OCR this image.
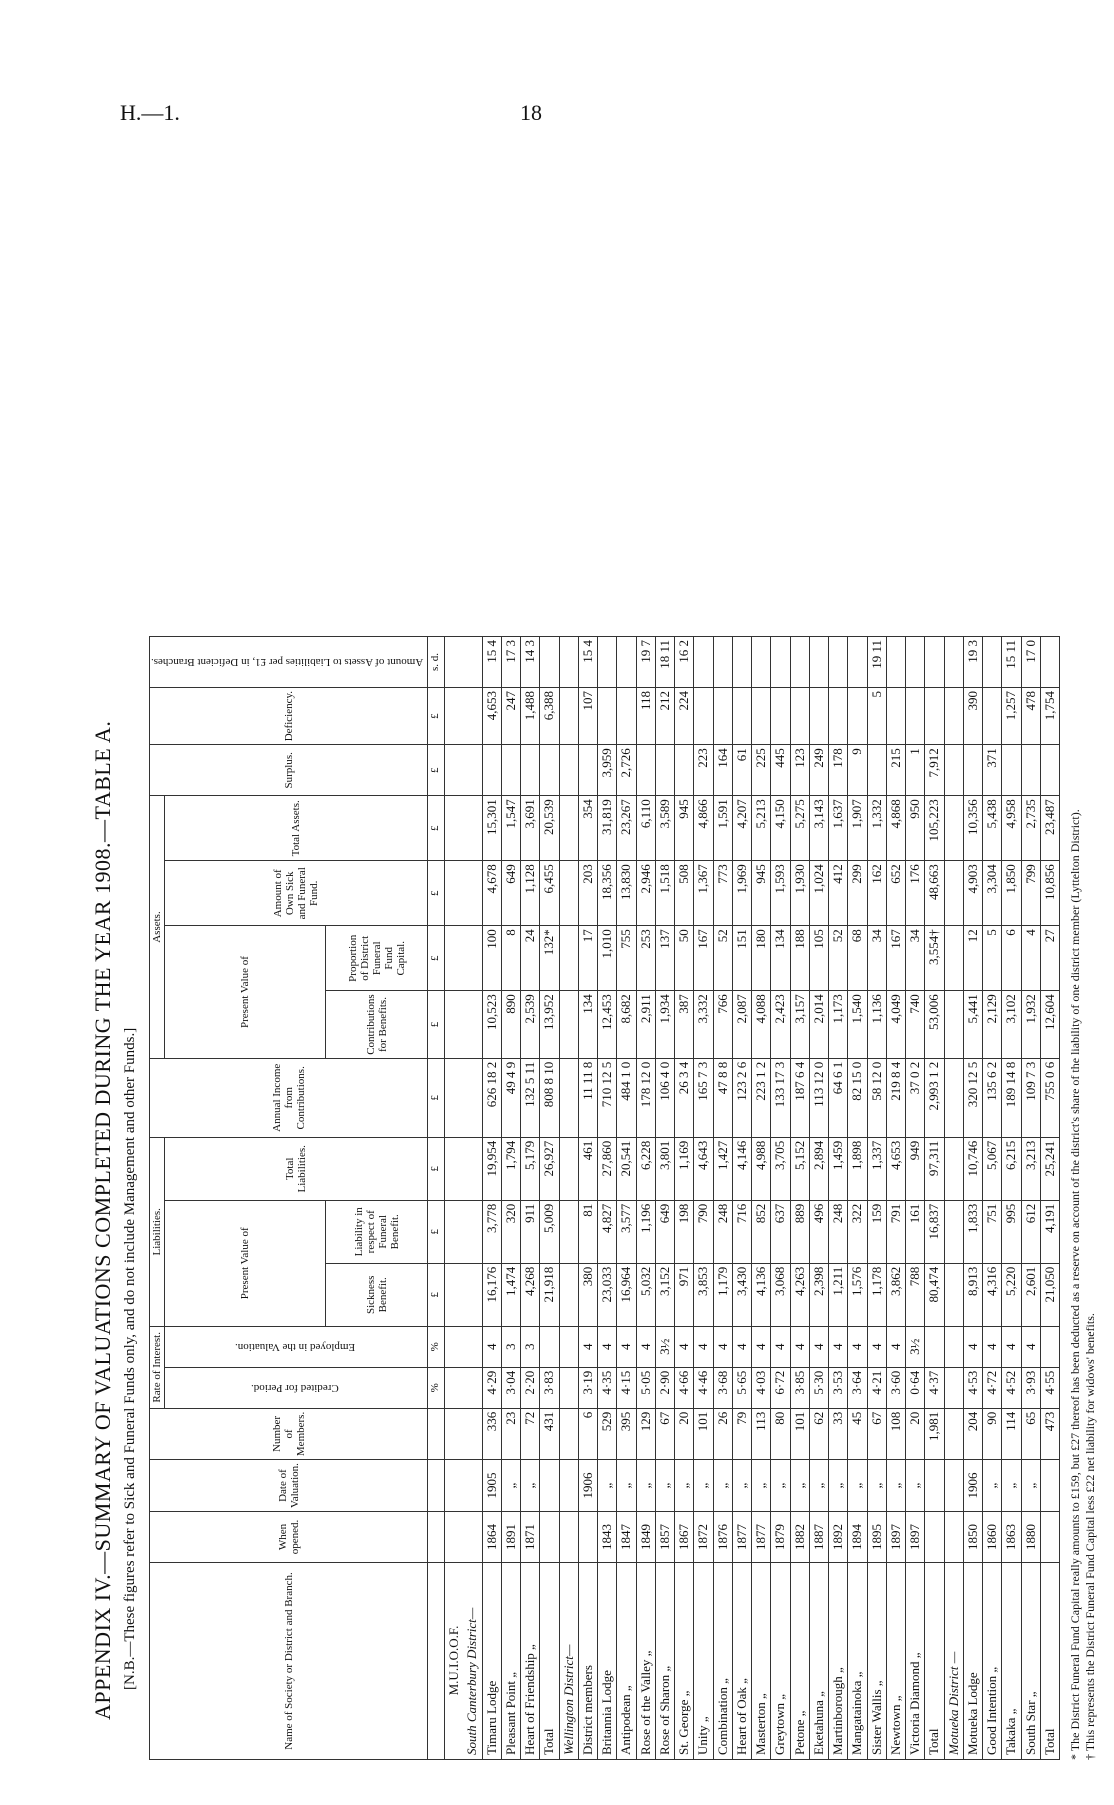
H.—1.	18
APPENDIX IV.—SUMMARY OF VALUATIONS COMPLETED DURING THE YEAR 1908.—TABLE A. [N.B.—These figures refer to Sick and Funeral Funds only, and do not include Management and other Funds.]	Name of Society or District and Branch.	When opened.	Date of Valuation.	Number of Members.	Rate of Interest.		Liabilities.			Annual Income from Contributions.	Assets.				Surplus.	Deficiency.	Amount of Assets to Liabilities per £1, in Deficient Branches.
				Credited for Period.	Employed in the Valuation.	Present Value of		Total Liabilities.		Present Value of		Amount of Own Sick and Funeral Fund.	Total Assets.			
						Sickness Benefit.	Liability in respect of Funeral Benefit.			Contributions for Benefits.	Proportion of District Funeral Fund Capital.					
				%	%	£	£	£	£	£	£	£	£	£	£	s. d.
M.U.I.O.O.F.																
South Canterbury District—																
Timaru Lodge	1864	1905	336	4·29	4	16,176	3,778	19,954	626 18 2	10,523	100	4,678	15,301		4,653	15 4
Pleasant Point „	1891	„	23	3·04	3	1,474	320	1,794	49 4 9	890	8	649	1,547		247	17 3
Heart of Friendship „	1871	„	72	2·20	3	4,268	911	5,179	132 5 11	2,539	24	1,128	3,691		1,488	14 3
Total			431	3·83		21,918	5,009	26,927	808 8 10	13,952	132*	6,455	20,539		6,388	
Wellington District—																
District members		1906	6	3·19	4	380	81	461	11 11 8	134	17	203	354		107	15 4
Britannia Lodge	1843	„	529	4·35	4	23,033	4,827	27,860	710 12 5	12,453	1,010	18,356	31,819	3,959		
Antipodean „	1847	„	395	4·15	4	16,964	3,577	20,541	484 1 0	8,682	755	13,830	23,267	2,726		
Rose of the Valley „	1849	„	129	5·05	4	5,032	1,196	6,228	178 12 0	2,911	253	2,946	6,110		118	19 7
Rose of Sharon „	1857	„	67	2·90	3½	3,152	649	3,801	106 4 0	1,934	137	1,518	3,589		212	18 11
St. George „	1867	„	20	4·66	4	971	198	1,169	26 3 4	387	50	508	945		224	16 2
Unity „	1872	„	101	4·46	4	3,853	790	4,643	165 7 3	3,332	167	1,367	4,866	223		
Combination „	1876	„	26	3·68	4	1,179	248	1,427	47 8 8	766	52	773	1,591	164		
Heart of Oak „	1877	„	79	5·65	4	3,430	716	4,146	123 2 6	2,087	151	1,969	4,207	61		
Masterton „	1877	„	113	4·03	4	4,136	852	4,988	223 1 2	4,088	180	945	5,213	225		
Greytown „	1879	„	80	6·72	4	3,068	637	3,705	133 17 3	2,423	134	1,593	4,150	445		
Petone „	1882	„	101	3·85	4	4,263	889	5,152	187 6 4	3,157	188	1,930	5,275	123		
Eketahuna „	1887	„	62	5·30	4	2,398	496	2,894	113 12 0	2,014	105	1,024	3,143	249		
Martinborough „	1892	„	33	3·53	4	1,211	248	1,459	64 6 1	1,173	52	412	1,637	178		
Mangatainoka „	1894	„	45	3·64	4	1,576	322	1,898	82 15 0	1,540	68	299	1,907	9		
Sister Wallis „	1895	„	67	4·21	4	1,178	159	1,337	58 12 0	1,136	34	162	1,332		5	19 11
Newtown „	1897	„	108	3·60	4	3,862	791	4,653	219 8 4	4,049	167	652	4,868	215		
Victoria Diamond „	1897	„	20	0·64	3½	788	161	949	37 0 2	740	34	176	950	1		
Total			1,981	4·37		80,474	16,837	97,311	2,993 1 2	53,006	3,554†	48,663	105,223	7,912		
Motueka District —																
Motueka Lodge	1850	1906	204	4·53	4	8,913	1,833	10,746	320 12 5	5,441	12	4,903	10,356		390	19 3
Good Intention „	1860	„	90	4·72	4	4,316	751	5,067	135 6 2	2,129	5	3,304	5,438	371		
Takaka „	1863	„	114	4·52	4	5,220	995	6,215	189 14 8	3,102	6	1,850	4,958		1,257	15 11
South Star „	1880	„	65	3·93	4	2,601	612	3,213	109 7 3	1,932	4	799	2,735		478	17 0
Total			473	4·55		21,050	4,191	25,241	755 0 6	12,604	27	10,856	23,487		1,754	
* The District Funeral Fund Capital really amounts to £159, but £27 thereof has been deducted as a reserve on account of the district's share of the liability of one district member (Lyttelton District). † This represents the District Funeral Fund Capital less £22 net liability for widows' benefits.
